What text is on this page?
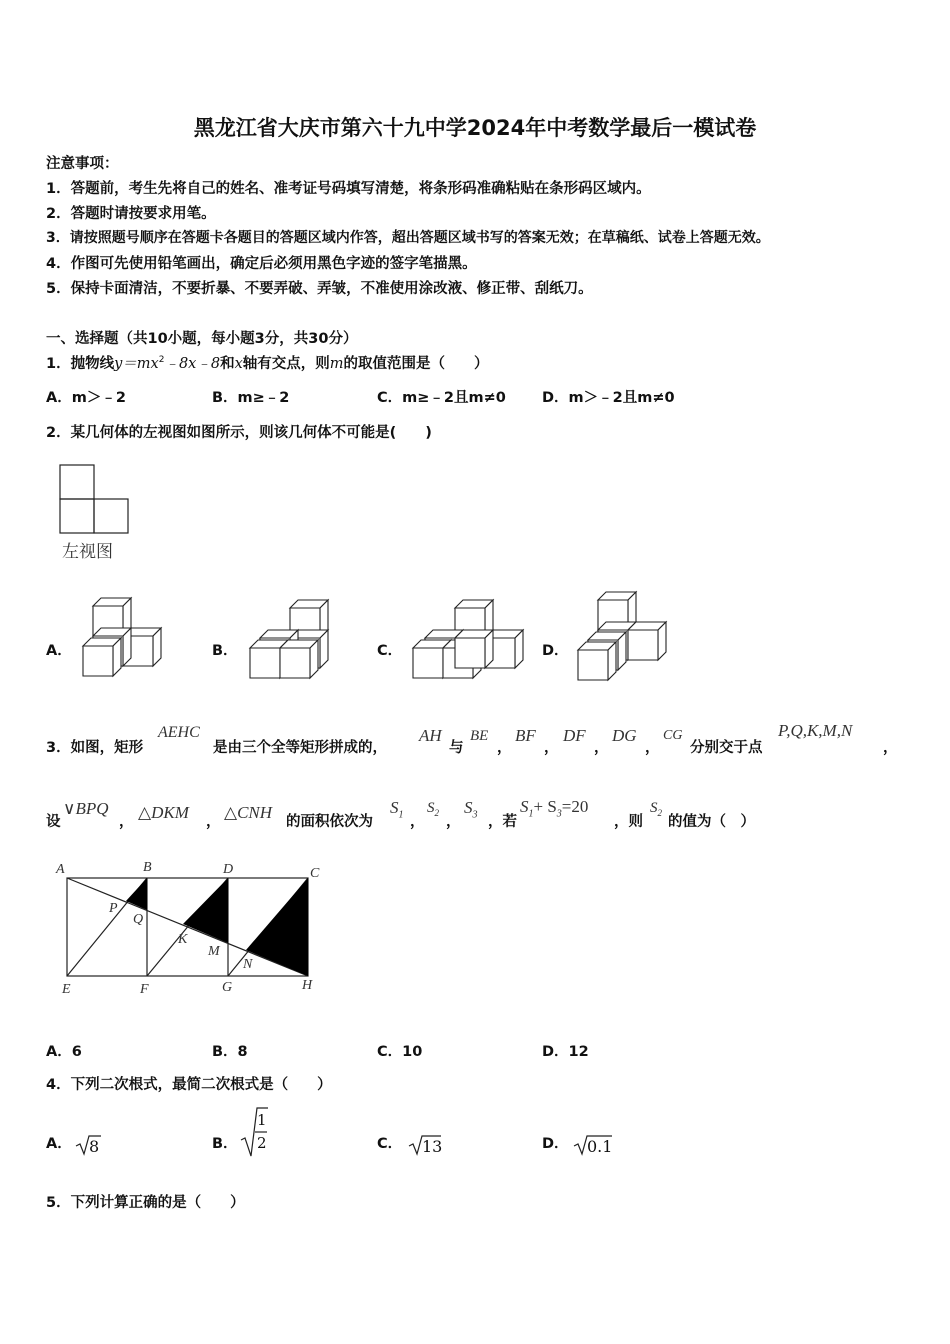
黑龙江省大庆市第六十九中学2024年中考数学最后一模试卷
注意事项：
1．答题前，考生先将自己的姓名、准考证号码填写清楚，将条形码准确粘贴在条形码区域内。
2．答题时请按要求用笔。
3．请按照题号顺序在答题卡各题目的答题区域内作答，超出答题区域书写的答案无效；在草稿纸、试卷上答题无效。
4．作图可先使用铅笔画出，确定后必须用黑色字迹的签字笔描黑。
5．保持卡面清洁，不要折暴、不要弄破、弄皱，不准使用涂改液、修正带、刮纸刀。
一、选择题（共10小题，每小题3分，共30分）
1．抛物线$y=mx^2﹣8x﹣8$和x轴有交点，则m的取值范围是（　　）
A．m＞﹣2	B．m≥﹣2	C．m≥﹣2且m≠0 D．m＞﹣2且m≠0
2．某几何体的左视图如图所示，则该几何体不可能是(　　)
左视图
A．	B．	C．	D．
3．如图，矩形
AEHC
是由三个全等矩形拼成的，
AH
与
BE
，
BF
，
DF
，
DG
，
CG
分别交于点
P,Q,K,M,N
，
设
∨BPQ
， △DKM ， △CNH 的面积依次为
$S_1$ ，
$S_2$
，
$S_3$ ，若
$S_1+ S_3=20$
，则
$S_2$
的值为（　）
A	B	D	C
P
Q
K
M
N
E	F	G	H
A．6	B．8	C．10	D．12
4．下列二次根式，最简二次根式是（　　）
A．	B．	C．	D．
8
1
2	13	0.1
5．下列计算正确的是（　　）
